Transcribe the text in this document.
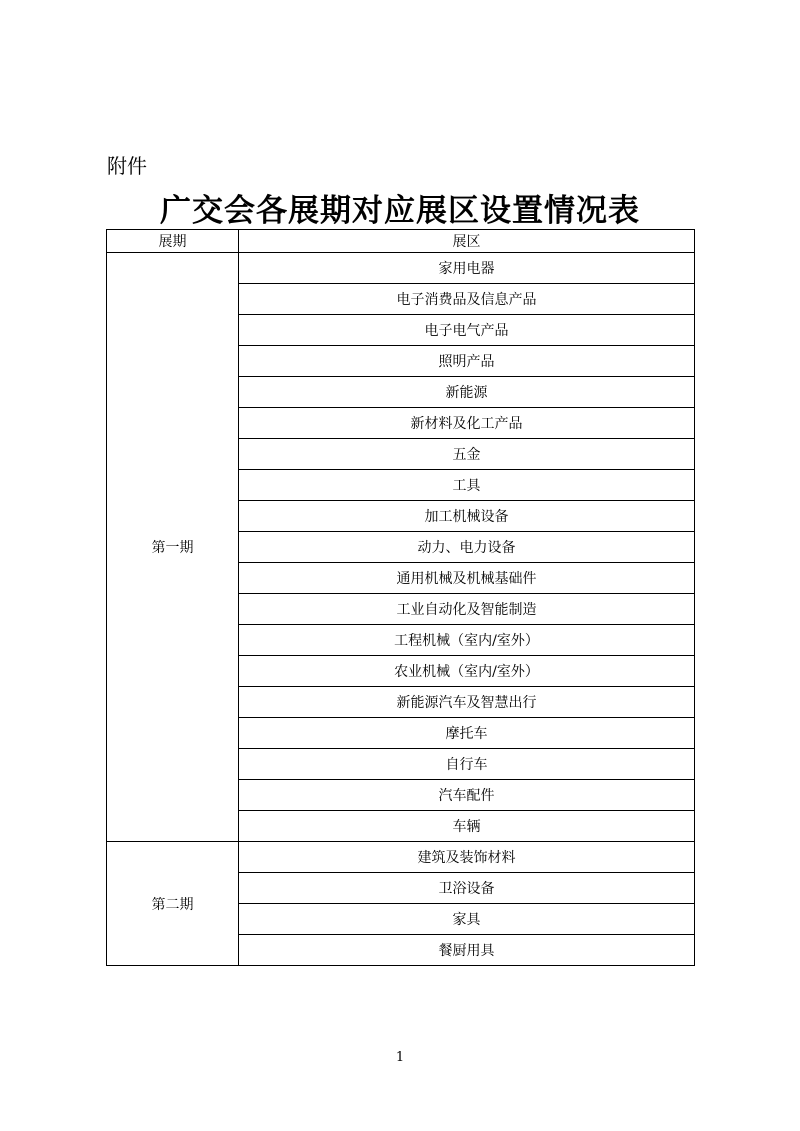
附件
广交会各展期对应展区设置情况表
展期	展区
第一期	家用电器
	电子消费品及信息产品
	电子电气产品
	照明产品
	新能源
	新材料及化工产品
	五金
	工具
	加工机械设备
	动力、电力设备
	通用机械及机械基础件
	工业自动化及智能制造
	工程机械（室内/室外）
	农业机械（室内/室外）
	新能源汽车及智慧出行
	摩托车
	自行车
	汽车配件
	车辆
第二期	建筑及装饰材料
	卫浴设备
	家具
	餐厨用具
1
